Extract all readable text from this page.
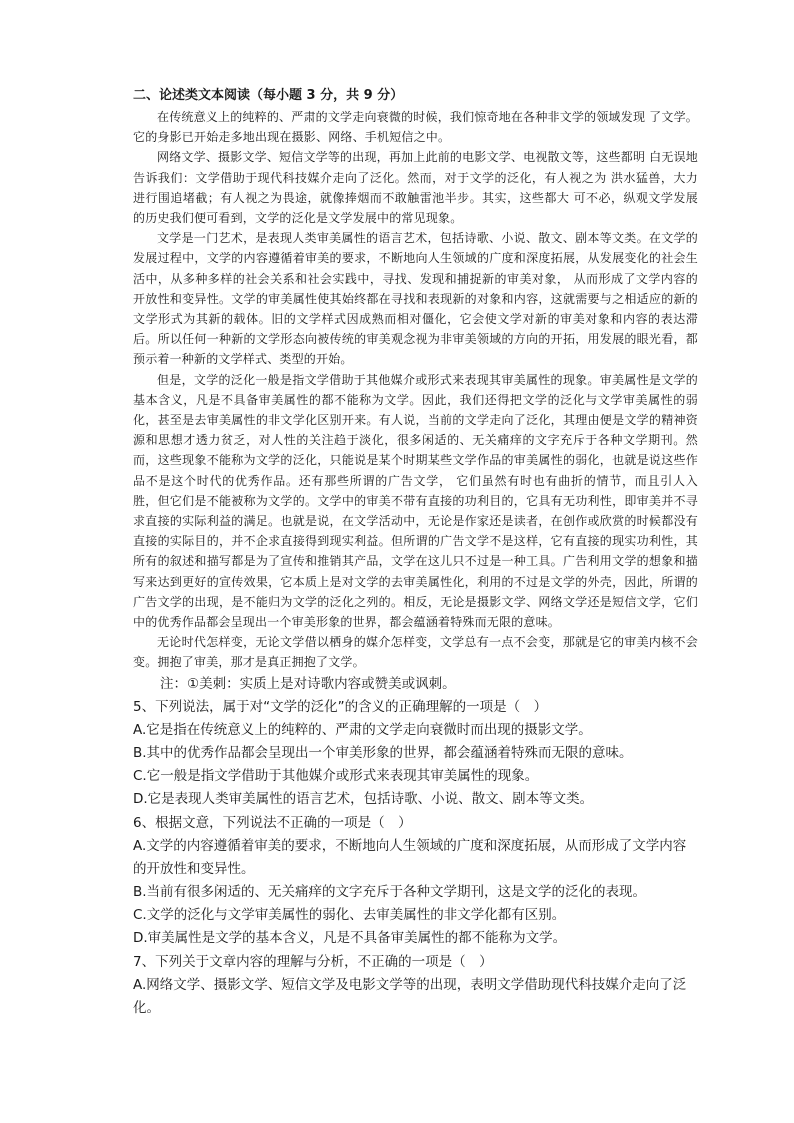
二、论述类文本阅读（每小题 3 分，共 9 分）

在传统意义上的纯粹的、严肃的文学走向衰微的时候，我们惊奇地在各种非文学的领域发现 了文学。它的身影已开始走多地出现在摄影、网络、手机短信之中。

网络文学、摄影文学、短信文学等的出现，再加上此前的电影文学、电视散文等，这些都明 白无误地告诉我们：文学借助于现代科技媒介走向了泛化。然而，对于文学的泛化，有人视之为 洪水猛兽，大力进行围追堵截；有人视之为畏途，就像捧烟而不敢触雷池半步。其实，这些都大 可不必，纵观文学发展的历史我们便可看到，文学的泛化是文学发展中的常见现象。

文学是一门艺术，是表现人类审美属性的语言艺术，包括诗歌、小说、散文、剧本等文类。在文学的发展过程中，文学的内容遵循着审美的要求，不断地向人生领域的广度和深度拓展，从发展变化的社会生活中，从多种多样的社会关系和社会实践中，寻找、发现和捕捉新的审美对象， 从而形成了文学内容的开放性和变异性。文学的审美属性使其始终都在寻找和表现新的对象和内容，这就需要与之相适应的新的文学形式为其新的载体。旧的文学样式因成熟而相对僵化，它会使文学对新的审美对象和内容的表达滞后。所以任何一种新的文学形态向被传统的审美观念视为非审美领域的方向的开拓，用发展的眼光看，都预示着一种新的文学样式、类型的开始。

但是，文学的泛化一般是指文学借助于其他媒介或形式来表现其审美属性的现象。审美属性是文学的基本含义，凡是不具备审美属性的都不能称为文学。因此，我们还得把文学的泛化与文学审美属性的弱化，甚至是去审美属性的非文学化区别开来。有人说，当前的文学走向了泛化，其理由便是文学的精神资源和思想才透力贫乏，对人性的关注趋于淡化，很多闲适的、无关痛痒的文字充斥于各种文学期刊。然而，这些现象不能称为文学的泛化，只能说是某个时期某些文学作品的审美属性的弱化，也就是说这些作品不是这个时代的优秀作品。还有那些所谓的广告文学， 它们虽然有时也有曲折的情节，而且引人入胜，但它们是不能被称为文学的。文学中的审美不带有直接的功利目的，它具有无功利性，即审美并不寻求直接的实际利益的满足。也就是说，在文学活动中，无论是作家还是读者，在创作或欣赏的时候都没有直接的实际目的，并不企求直接得到现实利益。但所谓的广告文学不是这样，它有直接的现实功利性，其所有的叙述和描写都是为了宣传和推销其产品，文学在这儿只不过是一种工具。广告利用文学的想象和描写来达到更好的宣传效果，它本质上是对文学的去审美属性化，利用的不过是文学的外壳，因此，所谓的广告文学的出现，是不能归为文学的泛化之列的。相反，无论是摄影文学、网络文学还是短信文学，它们中的优秀作品都会呈现出一个审美形象的世界，都会蕴涵着特殊而无限的意味。

无论时代怎样变，无论文学借以栖身的媒介怎样变，文学总有一点不会变，那就是它的审美内核不会变。拥抱了审美，那才是真正拥抱了文学。

注：①美刺：实质上是对诗歌内容或赞美或讽刺。

5、下列说法，属于对“文学的泛化”的含义的正确理解的一项是（　）

A.它是指在传统意义上的纯粹的、严肃的文学走向衰微时而出现的摄影文学。

B.其中的优秀作品都会呈现出一个审美形象的世界，都会蕴涵着特殊而无限的意味。

C.它一般是指文学借助于其他媒介或形式来表现其审美属性的现象。

D.它是表现人类审美属性的语言艺术，包括诗歌、小说、散文、剧本等文类。

6、根据文意，下列说法不正确的一项是（　）

A.文学的内容遵循着审美的要求，不断地向人生领域的广度和深度拓展，从而形成了文学内容的开放性和变异性。

B.当前有很多闲适的、无关痛痒的文字充斥于各种文学期刊，这是文学的泛化的表现。

C.文学的泛化与文学审美属性的弱化、去审美属性的非文学化都有区别。

D.审美属性是文学的基本含义，凡是不具备审美属性的都不能称为文学。

7、下列关于文章内容的理解与分析，不正确的一项是（　）

A.网络文学、摄影文学、短信文学及电影文学等的出现，表明文学借助现代科技媒介走向了泛化。
